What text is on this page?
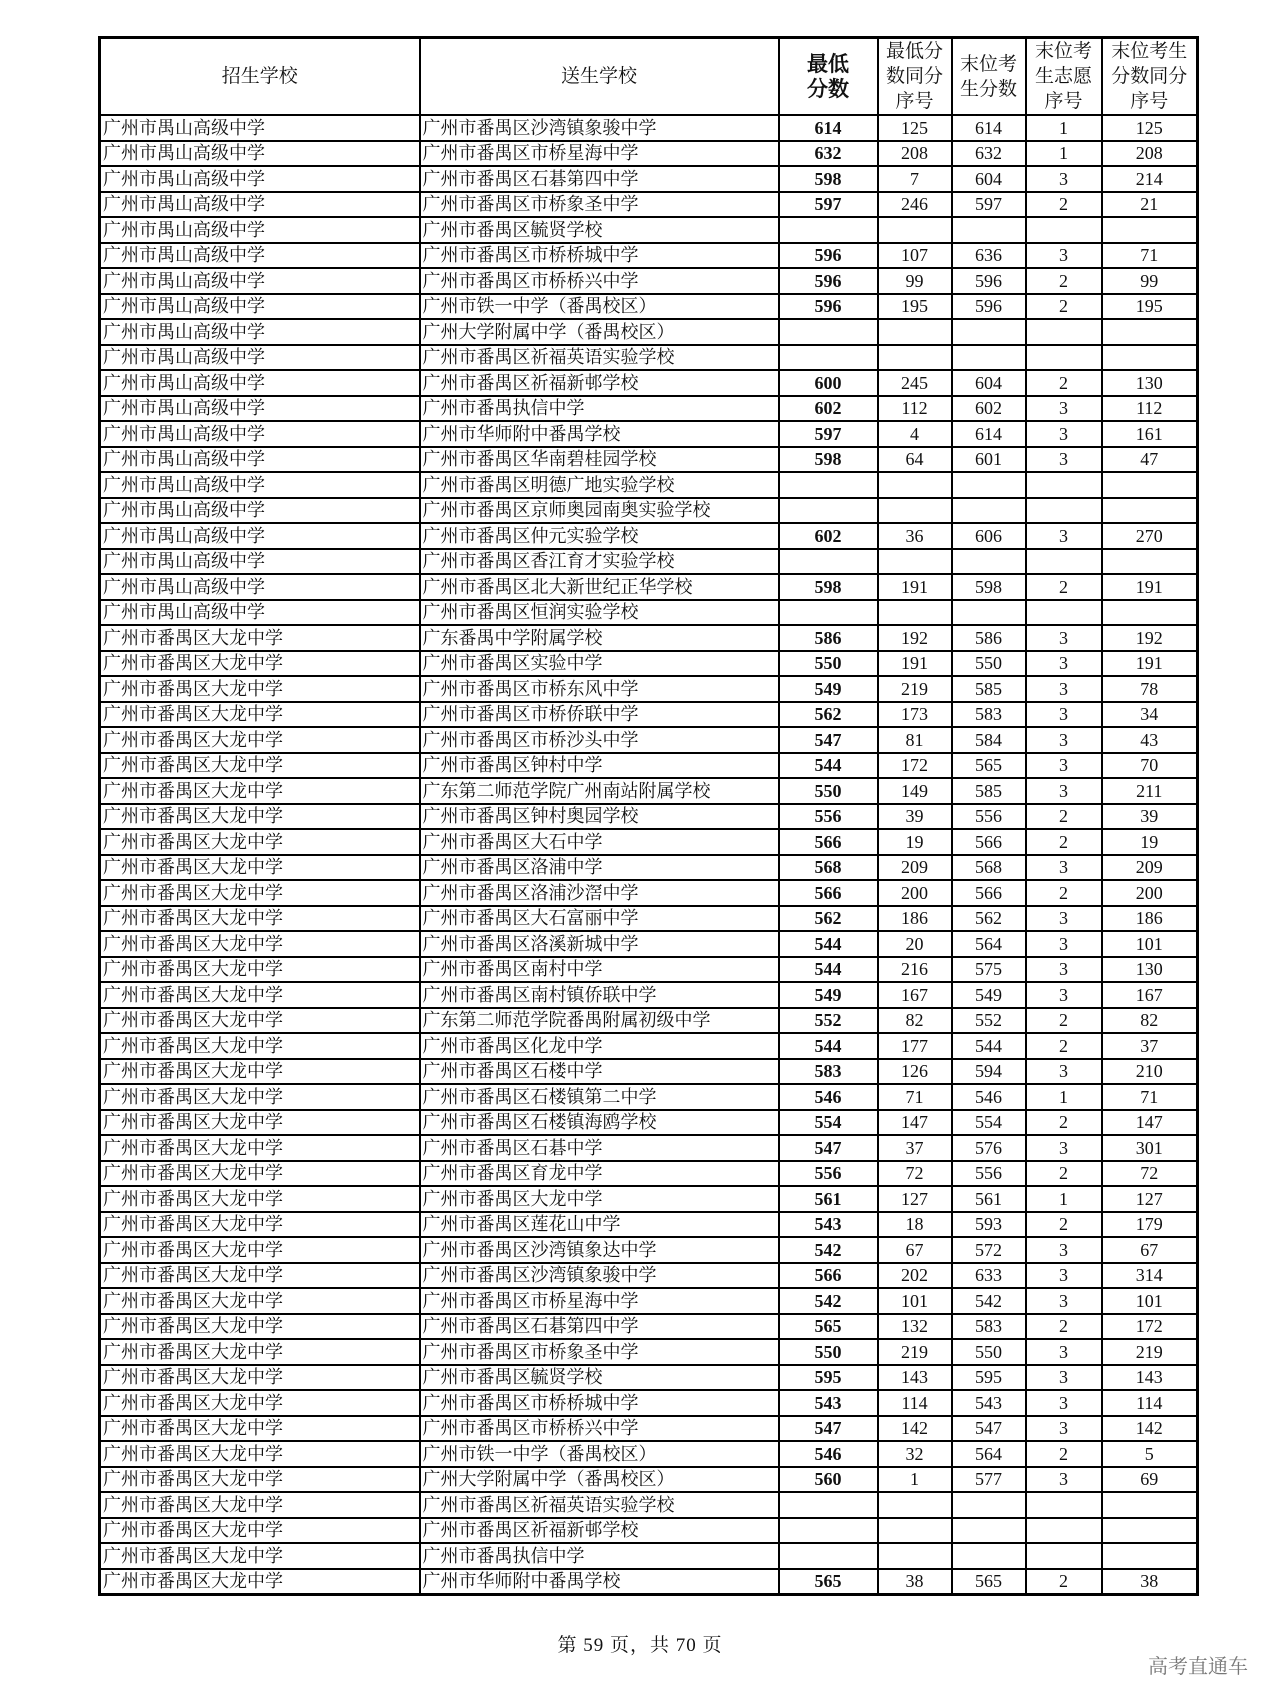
招生学校	送生学校	最低分数	最低分数同分序号	末位考生分数	末位考生志愿序号	末位考生分数同分序号

广州市禺山高级中学	广州市番禺区沙湾镇象骏中学	614	125	614	1	125
广州市禺山高级中学	广州市番禺区市桥星海中学	632	208	632	1	208
广州市禺山高级中学	广州市番禺区石碁第四中学	598	7	604	3	214
广州市禺山高级中学	广州市番禺区市桥象圣中学	597	246	597	2	21
广州市禺山高级中学	广州市番禺区毓贤学校					
广州市禺山高级中学	广州市番禺区市桥桥城中学	596	107	636	3	71
广州市禺山高级中学	广州市番禺区市桥桥兴中学	596	99	596	2	99
广州市禺山高级中学	广州市铁一中学（番禺校区）	596	195	596	2	195
广州市禺山高级中学	广州大学附属中学（番禺校区）					
广州市禺山高级中学	广州市番禺区祈福英语实验学校					
广州市禺山高级中学	广州市番禺区祈福新邨学校	600	245	604	2	130
广州市禺山高级中学	广州市番禺执信中学	602	112	602	3	112
广州市禺山高级中学	广州市华师附中番禺学校	597	4	614	3	161
广州市禺山高级中学	广州市番禺区华南碧桂园学校	598	64	601	3	47
广州市禺山高级中学	广州市番禺区明德广地实验学校					
广州市禺山高级中学	广州市番禺区京师奥园南奥实验学校					
广州市禺山高级中学	广州市番禺区仲元实验学校	602	36	606	3	270
广州市禺山高级中学	广州市番禺区香江育才实验学校					
广州市禺山高级中学	广州市番禺区北大新世纪正华学校	598	191	598	2	191
广州市禺山高级中学	广州市番禺区恒润实验学校					
广州市番禺区大龙中学	广东番禺中学附属学校	586	192	586	3	192
广州市番禺区大龙中学	广州市番禺区实验中学	550	191	550	3	191
广州市番禺区大龙中学	广州市番禺区市桥东风中学	549	219	585	3	78
广州市番禺区大龙中学	广州市番禺区市桥侨联中学	562	173	583	3	34
广州市番禺区大龙中学	广州市番禺区市桥沙头中学	547	81	584	3	43
广州市番禺区大龙中学	广州市番禺区钟村中学	544	172	565	3	70
广州市番禺区大龙中学	广东第二师范学院广州南站附属学校	550	149	585	3	211
广州市番禺区大龙中学	广州市番禺区钟村奥园学校	556	39	556	2	39
广州市番禺区大龙中学	广州市番禺区大石中学	566	19	566	2	19
广州市番禺区大龙中学	广州市番禺区洛浦中学	568	209	568	3	209
广州市番禺区大龙中学	广州市番禺区洛浦沙滘中学	566	200	566	2	200
广州市番禺区大龙中学	广州市番禺区大石富丽中学	562	186	562	3	186
广州市番禺区大龙中学	广州市番禺区洛溪新城中学	544	20	564	3	101
广州市番禺区大龙中学	广州市番禺区南村中学	544	216	575	3	130
广州市番禺区大龙中学	广州市番禺区南村镇侨联中学	549	167	549	3	167
广州市番禺区大龙中学	广东第二师范学院番禺附属初级中学	552	82	552	2	82
广州市番禺区大龙中学	广州市番禺区化龙中学	544	177	544	2	37
广州市番禺区大龙中学	广州市番禺区石楼中学	583	126	594	3	210
广州市番禺区大龙中学	广州市番禺区石楼镇第二中学	546	71	546	1	71
广州市番禺区大龙中学	广州市番禺区石楼镇海鸥学校	554	147	554	2	147
广州市番禺区大龙中学	广州市番禺区石碁中学	547	37	576	3	301
广州市番禺区大龙中学	广州市番禺区育龙中学	556	72	556	2	72
广州市番禺区大龙中学	广州市番禺区大龙中学	561	127	561	1	127
广州市番禺区大龙中学	广州市番禺区莲花山中学	543	18	593	2	179
广州市番禺区大龙中学	广州市番禺区沙湾镇象达中学	542	67	572	3	67
广州市番禺区大龙中学	广州市番禺区沙湾镇象骏中学	566	202	633	3	314
广州市番禺区大龙中学	广州市番禺区市桥星海中学	542	101	542	3	101
广州市番禺区大龙中学	广州市番禺区石碁第四中学	565	132	583	2	172
广州市番禺区大龙中学	广州市番禺区市桥象圣中学	550	219	550	3	219
广州市番禺区大龙中学	广州市番禺区毓贤学校	595	143	595	3	143
广州市番禺区大龙中学	广州市番禺区市桥桥城中学	543	114	543	3	114
广州市番禺区大龙中学	广州市番禺区市桥桥兴中学	547	142	547	3	142
广州市番禺区大龙中学	广州市铁一中学（番禺校区）	546	32	564	2	5
广州市番禺区大龙中学	广州大学附属中学（番禺校区）	560	1	577	3	69
广州市番禺区大龙中学	广州市番禺区祈福英语实验学校					
广州市番禺区大龙中学	广州市番禺区祈福新邨学校					
广州市番禺区大龙中学	广州市番禺执信中学					
广州市番禺区大龙中学	广州市华师附中番禺学校	565	38	565	2	38
第 59 页，共 70 页
高考直通车
